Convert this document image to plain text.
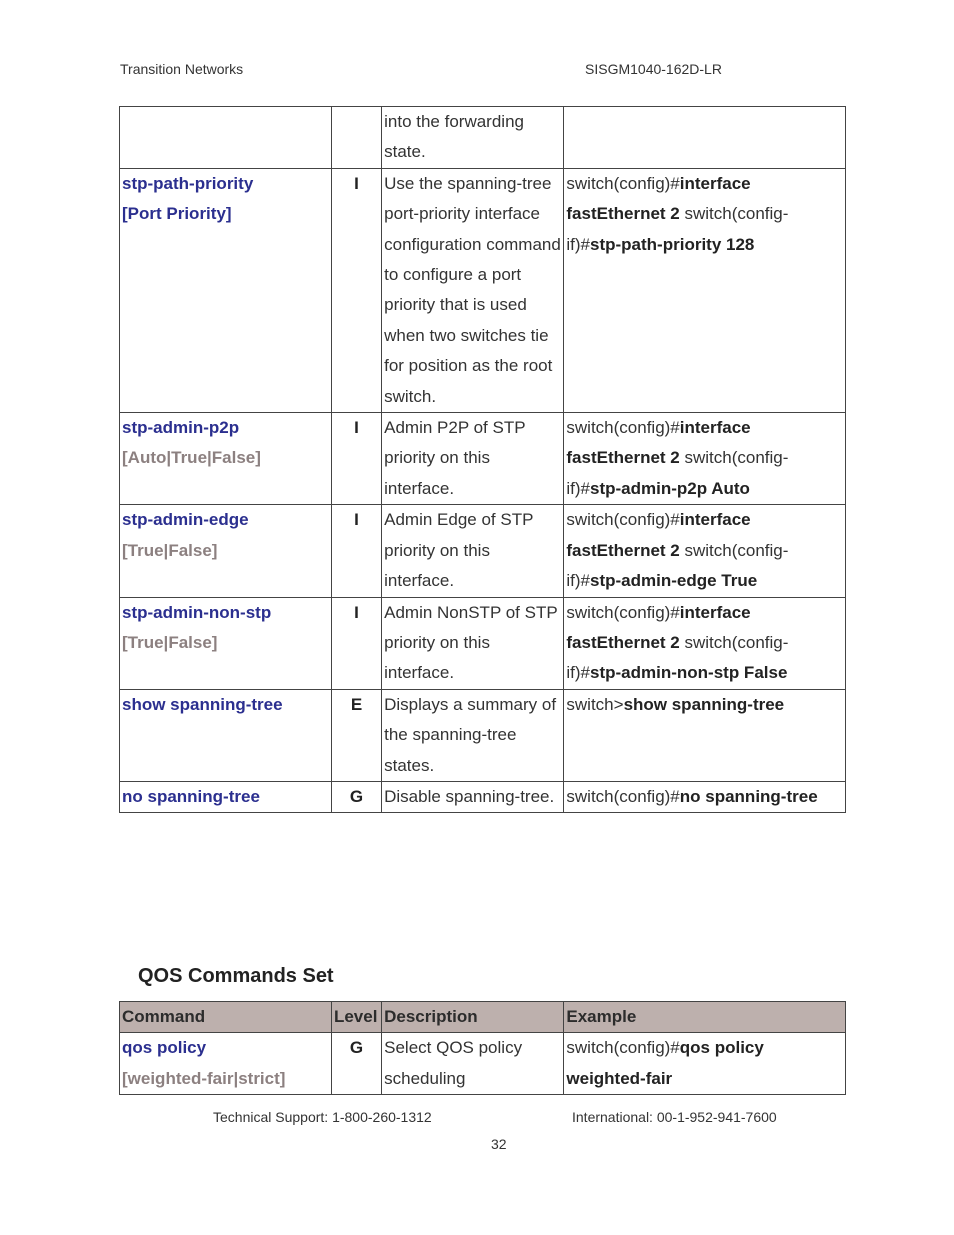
Transition Networks	SISGM1040-162D-LR
		into the forwarding state.	

stp-path-priority
[Port Priority]	I	Use the spanning-tree port-priority interface configuration command to configure a port priority that is used when two switches tie for position as the root switch.	switch(config)#interface fastEthernet 2 switch(config-if)#stp-path-priority 128

stp-admin-p2p
[Auto|True|False]	I	Admin P2P of STP priority on this interface.	switch(config)#interface fastEthernet 2 switch(config-if)#stp-admin-p2p Auto

stp-admin-edge
[True|False]	I	Admin Edge of STP priority on this interface.	switch(config)#interface fastEthernet 2 switch(config-if)#stp-admin-edge True

stp-admin-non-stp
[True|False]	I	Admin NonSTP of STP priority on this interface.	switch(config)#interface fastEthernet 2 switch(config-if)#stp-admin-non-stp False

show spanning-tree	E	Displays a summary of the spanning-tree states.	switch>show spanning-tree

no spanning-tree	G	Disable spanning-tree.	switch(config)#no spanning-tree
QOS Commands Set
Command	Level	Description	Example

qos policy
[weighted-fair|strict]	G	Select QOS policy scheduling	switch(config)#qos policy weighted-fair
Technical Support: 1-800-260-1312	International: 00-1-952-941-7600
32
